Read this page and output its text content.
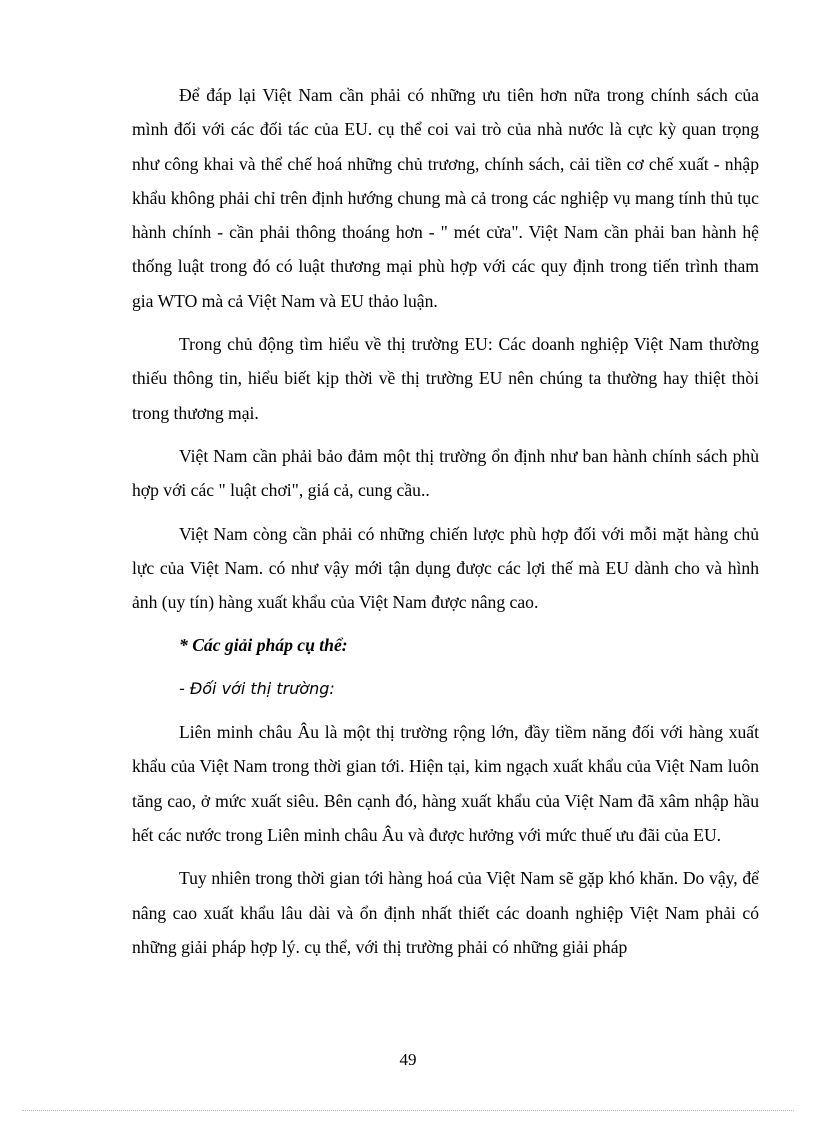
Để đáp lại Việt Nam cần phải có những ưu tiên hơn nữa trong chính sách của mình đối với các đối tác của EU. cụ thể coi vai trò của nhà nước là cực kỳ quan trọng như công khai và thể chế hoá những chủ trương, chính sách, cải tiền cơ chế xuất - nhập khẩu không phải chỉ trên định hướng chung mà cả trong các nghiệp vụ mang tính thủ tục hành chính - cần phải thông thoáng hơn - " mét cửa". Việt Nam cần phải ban hành hệ thống luật trong đó có luật thương mại phù hợp với các quy định trong tiến trình tham gia WTO mà cả Việt Nam và EU thảo luận.

Trong chủ động tìm hiểu về thị trường EU: Các doanh nghiệp Việt Nam thường thiếu thông tin, hiểu biết kịp thời về thị trường EU nên chúng ta thường hay thiệt thòi trong thương mại.

Việt Nam cần phải bảo đảm một thị trường ổn định như ban hành chính sách phù hợp với các " luật chơi", giá cả, cung cầu..

Việt Nam còng cần phải có những chiến lược phù hợp đối với mỗi mặt hàng chủ lực của Việt Nam. có như vậy mới tận dụng được các lợi thế mà EU dành cho và hình ảnh (uy tín) hàng xuất khẩu của Việt Nam được nâng cao.

* Các giải pháp cụ thể:

- Đối với thị trường:

Liên minh châu Âu là một thị trường rộng lớn, đầy tiềm năng đối với hàng xuất khẩu của Việt Nam trong thời gian tới. Hiện tại, kim ngạch xuất khẩu của Việt Nam luôn tăng cao, ở mức xuất siêu. Bên cạnh đó, hàng xuất khẩu của Việt Nam đã xâm nhập hầu hết các nước trong Liên minh châu Âu và được hưởng với mức thuế ưu đãi của EU.

Tuy nhiên trong thời gian tới hàng hoá của Việt Nam sẽ gặp khó khăn. Do vậy, để nâng cao xuất khẩu lâu dài và ổn định nhất thiết các doanh nghiệp Việt Nam phải có những giải pháp hợp lý. cụ thể, với thị trường phải có những giải pháp

49
